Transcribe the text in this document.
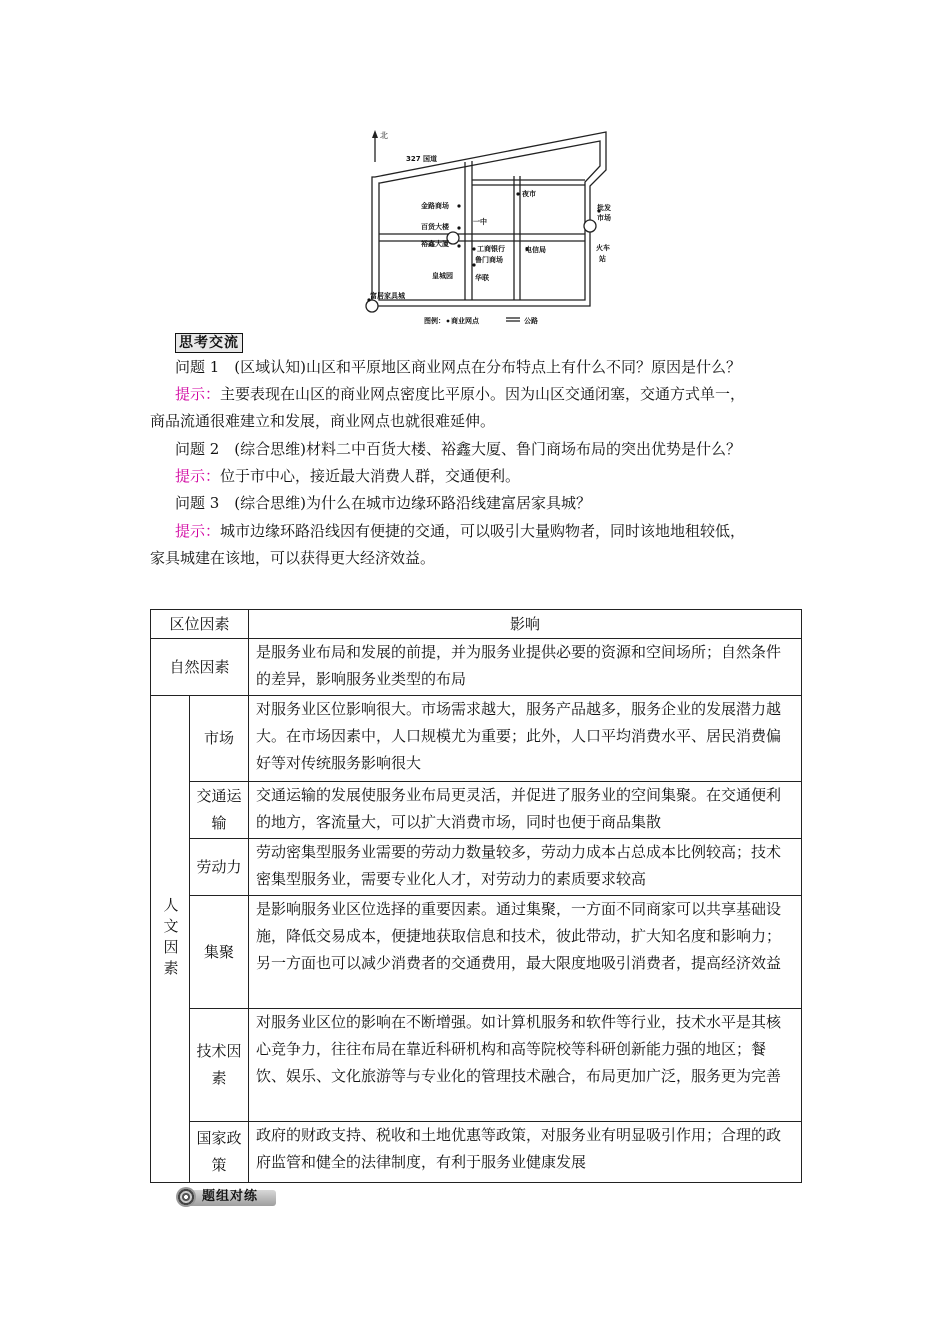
北
327 国道
金路商场
百货大楼
裕鑫大厦
一中
夜市
工商银行
鲁门商场
华联
皇城园
电信局
批发
市场
火车
站
富居家具城
图例： 商业网点	公路
思考交流
问题 1　(区域认知)山区和平原地区商业网点在分布特点上有什么不同？原因是什么？
提示：主要表现在山区的商业网点密度比平原小。因为山区交通闭塞，交通方式单一，
商品流通很难建立和发展，商业网点也就很难延伸。
问题 2　(综合思维)材料二中百货大楼、裕鑫大厦、鲁门商场布局的突出优势是什么？
提示：位于市中心，接近最大消费人群，交通便利。
问题 3　(综合思维)为什么在城市边缘环路沿线建富居家具城？
提示：城市边缘环路沿线因有便捷的交通，可以吸引大量购物者，同时该地地租较低，
家具城建在该地，可以获得更大经济效益。
区位因素		影响
自然因素		是服务业布局和发展的前提，并为服务业提供必要的资源和空间场所；自然条件的差异，影响服务业类型的布局

人文因素	市场	对服务业区位影响很大。市场需求越大，服务产品越多，服务企业的发展潜力越大。在市场因素中，人口规模尤为重要；此外，人口平均消费水平、居民消费偏好等对传统服务影响很大
	交通运输	交通运输的发展使服务业布局更灵活，并促进了服务业的空间集聚。在交通便利的地方，客流量大，可以扩大消费市场，同时也便于商品集散
	劳动力	劳动密集型服务业需要的劳动力数量较多，劳动力成本占总成本比例较高；技术密集型服务业，需要专业化人才，对劳动力的素质要求较高
	集聚	是影响服务业区位选择的重要因素。通过集聚，一方面不同商家可以共享基础设施，降低交易成本，便捷地获取信息和技术，彼此带动，扩大知名度和影响力；另一方面也可以减少消费者的交通费用，最大限度地吸引消费者，提高经济效益
	技术因素	对服务业区位的影响在不断增强。如计算机服务和软件等行业，技术水平是其核心竞争力，往往布局在靠近科研机构和高等院校等科研创新能力强的地区；餐饮、娱乐、文化旅游等与专业化的管理技术融合，布局更加广泛，服务更为完善
	国家政策	政府的财政支持、税收和土地优惠等政策，对服务业有明显吸引作用；合理的政府监管和健全的法律制度，有利于服务业健康发展
题组对练
